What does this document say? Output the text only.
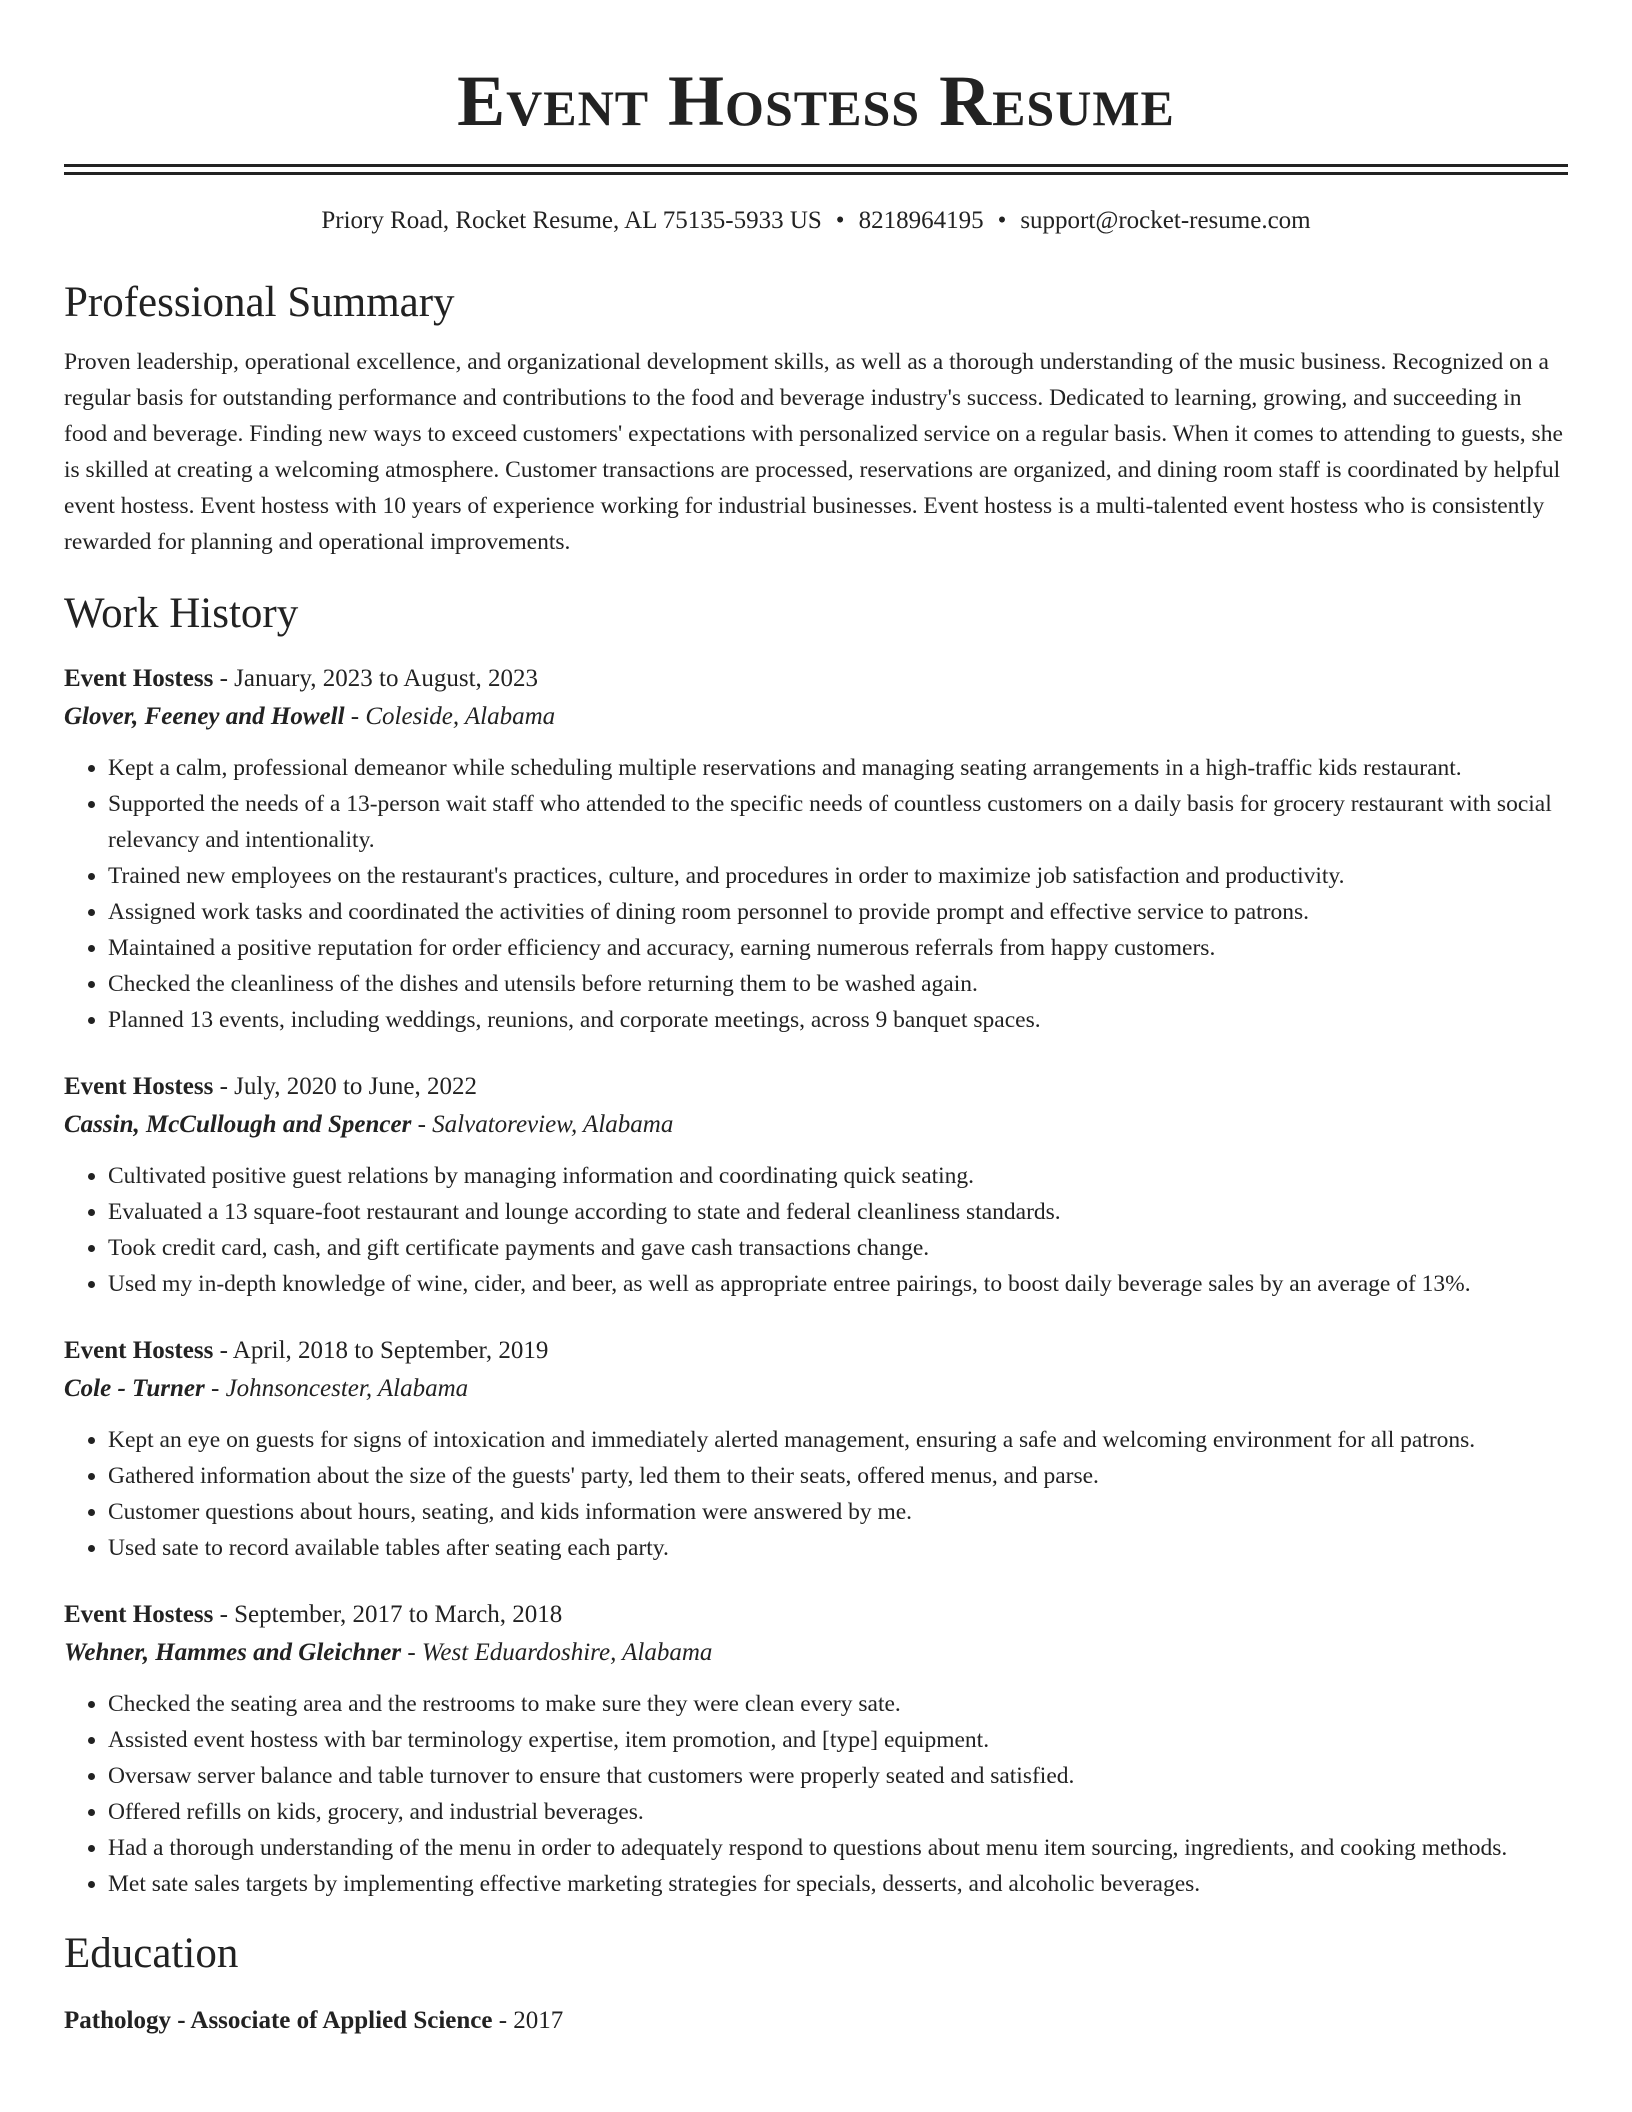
Event Hostess Resume
Priory Road, Rocket Resume, AL 75135-5933 US • 8218964195 • support@rocket-resume.com
Professional Summary
Proven leadership, operational excellence, and organizational development skills, as well as a thorough understanding of the music business. Recognized on a regular basis for outstanding performance and contributions to the food and beverage industry's success. Dedicated to learning, growing, and succeeding in food and beverage. Finding new ways to exceed customers' expectations with personalized service on a regular basis. When it comes to attending to guests, she is skilled at creating a welcoming atmosphere. Customer transactions are processed, reservations are organized, and dining room staff is coordinated by helpful event hostess. Event hostess with 10 years of experience working for industrial businesses. Event hostess is a multi-talented event hostess who is consistently rewarded for planning and operational improvements.
Work History
Event Hostess - January, 2023 to August, 2023
Glover, Feeney and Howell - Coleside, Alabama
• Kept a calm, professional demeanor while scheduling multiple reservations and managing seating arrangements in a high-traffic kids restaurant.
• Supported the needs of a 13-person wait staff who attended to the specific needs of countless customers on a daily basis for grocery restaurant with social relevancy and intentionality.
• Trained new employees on the restaurant's practices, culture, and procedures in order to maximize job satisfaction and productivity.
• Assigned work tasks and coordinated the activities of dining room personnel to provide prompt and effective service to patrons.
• Maintained a positive reputation for order efficiency and accuracy, earning numerous referrals from happy customers.
• Checked the cleanliness of the dishes and utensils before returning them to be washed again.
• Planned 13 events, including weddings, reunions, and corporate meetings, across 9 banquet spaces.
Event Hostess - July, 2020 to June, 2022
Cassin, McCullough and Spencer - Salvatoreview, Alabama
• Cultivated positive guest relations by managing information and coordinating quick seating.
• Evaluated a 13 square-foot restaurant and lounge according to state and federal cleanliness standards.
• Took credit card, cash, and gift certificate payments and gave cash transactions change.
• Used my in-depth knowledge of wine, cider, and beer, as well as appropriate entree pairings, to boost daily beverage sales by an average of 13%.
Event Hostess - April, 2018 to September, 2019
Cole - Turner - Johnsoncester, Alabama
• Kept an eye on guests for signs of intoxication and immediately alerted management, ensuring a safe and welcoming environment for all patrons.
• Gathered information about the size of the guests' party, led them to their seats, offered menus, and parse.
• Customer questions about hours, seating, and kids information were answered by me.
• Used sate to record available tables after seating each party.
Event Hostess - September, 2017 to March, 2018
Wehner, Hammes and Gleichner - West Eduardoshire, Alabama
• Checked the seating area and the restrooms to make sure they were clean every sate.
• Assisted event hostess with bar terminology expertise, item promotion, and [type] equipment.
• Oversaw server balance and table turnover to ensure that customers were properly seated and satisfied.
• Offered refills on kids, grocery, and industrial beverages.
• Had a thorough understanding of the menu in order to adequately respond to questions about menu item sourcing, ingredients, and cooking methods.
• Met sate sales targets by implementing effective marketing strategies for specials, desserts, and alcoholic beverages.
Education
Pathology - Associate of Applied Science - 2017
